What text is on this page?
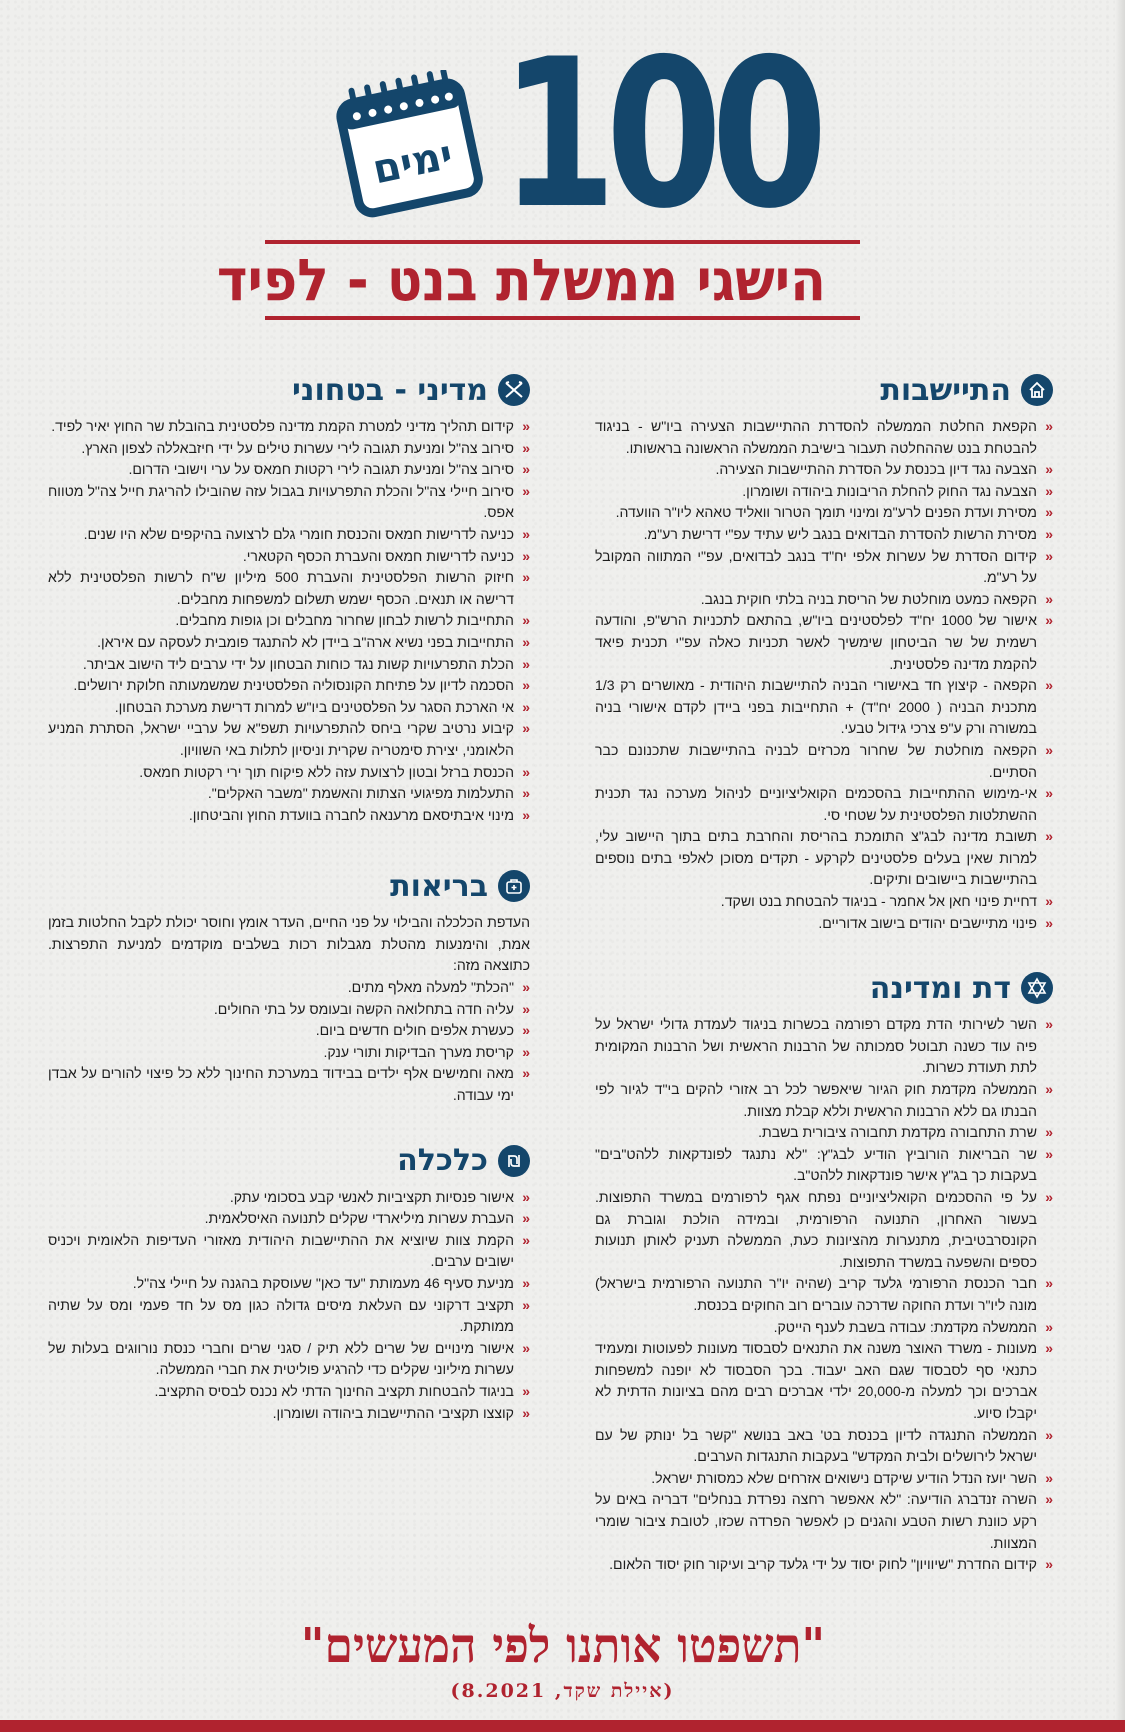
100
ימים
הישגי ממשלת בנט - לפיד
התיישבות
«
הקפאת החלטת הממשלה להסדרת ההתיישבות הצעירה ביו"ש - בניגוד להבטחת בנט שההחלטה תעבור בישיבת הממשלה הראשונה בראשותו.
«
הצבעה נגד דיון בכנסת על הסדרת ההתיישבות הצעירה.
«
הצבעה נגד החוק להחלת הריבונות ביהודה ושומרון.
«
מסירת ועדת הפנים לרע"מ ומינוי תומך הטרור וואליד טאהא ליו"ר הוועדה.
«
מסירת הרשות להסדרת הבדואים בנגב ליש עתיד עפ"י דרישת רע"מ.
«
קידום הסדרת של עשרות אלפי יח"ד בנגב לבדואים, עפ"י המתווה המקובל על רע"מ.
«
הקפאה כמעט מוחלטת של הריסת בניה בלתי חוקית בנגב.
«
אישור של 1000 יח"ד לפלסטינים ביו"ש, בהתאם לתכניות הרש"פ, והודעה רשמית של שר הביטחון שימשיך לאשר תכניות כאלה עפ"י תכנית פיאד להקמת מדינה פלסטינית.
«
הקפאה - קיצוץ חד באישורי הבניה להתיישבות היהודית - מאושרים רק 1/3 מתכנית הבניה ( 2000 יח"ד) + התחייבות בפני ביידן לקדם אישורי בניה במשורה ורק ע"פ צרכי גידול טבעי.
«
הקפאה מוחלטת של שחרור מכרזים לבניה בהתיישבות שתכנונם כבר הסתיים.
«
אי-מימוש ההתחייבות בהסכמים הקואליציוניים לניהול מערכה נגד תכנית ההשתלטות הפלסטינית על שטחי סי.
«
תשובת מדינה לבג"צ התומכת בהריסת והחרבת בתים בתוך היישוב עלי, למרות שאין בעלים פלסטינים לקרקע - תקדים מסוכן לאלפי בתים נוספים בהתיישבות ביישובים ותיקים.
«
דחיית פינוי חאן אל אחמר - בניגוד להבטחת בנט ושקד.
«
פינוי מתיישבים יהודים בישוב אדוריים.
דת ומדינה
«
השר לשירותי הדת מקדם רפורמה בכשרות בניגוד לעמדת גדולי ישראל על פיה עוד כשנה תבוטל סמכותה של הרבנות הראשית ושל הרבנות המקומית לתת תעודת כשרות.
«
הממשלה מקדמת חוק הגיור שיאפשר לכל רב אזורי להקים בי"ד לגיור לפי הבנתו גם ללא הרבנות הראשית וללא קבלת מצוות.
«
שרת התחבורה מקדמת תחבורה ציבורית בשבת.
«
שר הבריאות הורוביץ הודיע לבג"ץ: "לא נתנגד לפונדקאות ללהט"בים" בעקבות כך בג"ץ אישר פונדקאות ללהט"ב.
«
על פי ההסכמים הקואליציוניים נפתח אגף לרפורמים במשרד התפוצות. בעשור האחרון, התנועה הרפורמית, ובמידה הולכת וגוברת גם הקונסרבטיבית, מתנערות מהציונות כעת, הממשלה תעניק לאותן תנועות כספים והשפעה במשרד התפוצות.
«
חבר הכנסת הרפורמי גלעד קריב (שהיה יו"ר התנועה הרפורמית בישראל) מונה ליו"ר ועדת החוקה שדרכה עוברים רוב החוקים בכנסת.
«
הממשלה מקדמת: עבודה בשבת לענף הייטק.
«
מעונות - משרד האוצר משנה את התנאים לסבסוד מעונות לפעוטות ומעמיד כתנאי סף לסבסוד שגם האב יעבוד. בכך הסבסוד לא יופנה למשפחות אברכים וכך למעלה מ-20,000 ילדי אברכים רבים מהם בציונות הדתית לא יקבלו סיוע.
«
הממשלה התנגדה לדיון בכנסת בט' באב בנושא "קשר בל ינותק של עם ישראל לירושלים ולבית המקדש" בעקבות התנגדות הערבים.
«
השר יועז הנדל הודיע שיקדם נישואים אזרחים שלא כמסורת ישראל.
«
השרה זנדברג הודיעה: "לא אאפשר רחצה נפרדת בנחלים" דבריה באים על רקע כוונת רשות הטבע והגנים כן לאפשר הפרדה שכזו, לטובת ציבור שומרי המצוות.
«
קידום החדרת "שיוויון" לחוק יסוד על ידי גלעד קריב ועיקור חוק יסוד הלאום.
מדיני - בטחוני
«
קידום תהליך מדיני למטרת הקמת מדינה פלסטינית בהובלת שר החוץ יאיר לפיד.
«
סירוב צה"ל ומניעת תגובה לירי עשרות טילים על ידי חיזבאללה לצפון הארץ.
«
סירוב צה"ל ומניעת תגובה לירי רקטות חמאס על ערי וישובי הדרום.
«
סירוב חיילי צה"ל והכלת התפרעויות בגבול עזה שהובילו להריגת חייל צה"ל מטווח אפס.
«
כניעה לדרישות חמאס והכנסת חומרי גלם לרצועה בהיקפים שלא היו שנים.
«
כניעה לדרישות חמאס והעברת הכסף הקטארי.
«
חיזוק הרשות הפלסטינית והעברת 500 מיליון ש"ח לרשות הפלסטינית ללא דרישה או תנאים. הכסף ישמש תשלום למשפחות מחבלים.
«
התחייבות לרשות לבחון שחרור מחבלים וכן גופות מחבלים.
«
התחייבות בפני נשיא ארה"ב ביידן לא להתנגד פומבית לעסקה עם איראן.
«
הכלת התפרעויות קשות נגד כוחות הבטחון על ידי ערבים ליד הישוב אביתר.
«
הסכמה לדיון על פתיחת הקונסוליה הפלסטינית שמשמעותה חלוקת ירושלים.
«
אי הארכת הסגר על הפלסטינים ביו"ש למרות דרישת מערכת הבטחון.
«
קיבוע נרטיב שקרי ביחס להתפרעויות תשפ"א של ערביי ישראל, הסתרת המניע הלאומני, יצירת סימטריה שקרית וניסיון לתלות באי השוויון.
«
הכנסת ברזל ובטון לרצועת עזה ללא פיקוח תוך ירי רקטות חמאס.
«
התעלמות מפיגועי הצתות והאשמת "משבר האקלים".
«
מינוי איבתיסאם מרענאה לחברה בוועדת החוץ והביטחון.
בריאות

העדפת הכלכלה והבילוי על פני החיים, העדר אומץ וחוסר יכולת לקבל החלטות בזמן אמת, והימנעות מהטלת מגבלות רכות בשלבים מוקדמים למניעת התפרצות. כתוצאה מזה:

«
"הכלת" למעלה מאלף מתים.
«
עליה חדה בתחלואה הקשה ובעומס על בתי החולים.
«
כעשרת אלפים חולים חדשים ביום.
«
קריסת מערך הבדיקות ותורי ענק.
«
מאה וחמישים אלף ילדים בבידוד במערכת החינוך ללא כל פיצוי להורים על אבדן ימי עבודה.
כלכלה
«
אישור פנסיות תקציביות לאנשי קבע בסכומי עתק.
«
העברת עשרות מיליארדי שקלים לתנועה האיסלאמית.
«
הקמת צוות שיוציא את ההתיישבות היהודית מאזורי העדיפות הלאומית ויכניס ישובים ערבים.
«
מניעת סעיף 46 מעמותת "עד כאן" שעוסקת בהגנה על חיילי צה"ל.
«
תקציב דרקוני עם העלאת מיסים גדולה כגון מס על חד פעמי ומס על שתיה ממותקת.
«
אישור מינויים של שרים ללא תיק / סגני שרים וחברי כנסת נורווגים בעלות של עשרות מיליוני שקלים כדי להרגיע פוליטית את חברי הממשלה.
«
בניגוד להבטחות תקציב החינוך הדתי לא נכנס לבסיס התקציב.
«
קוצצו תקציבי ההתיישבות ביהודה ושומרון.
"תשפטו אותנו לפי המעשים"
(איילת שקד, 8.2021)
